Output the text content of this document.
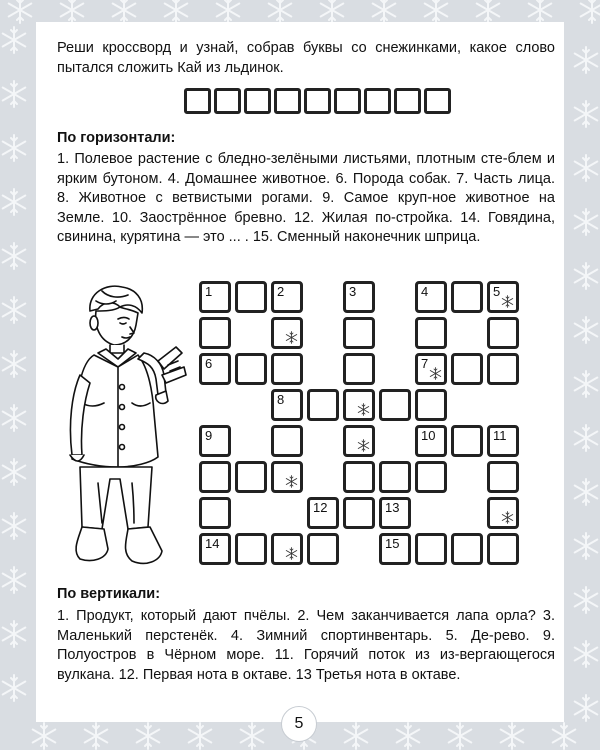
Реши кроссворд и узнай, собрав буквы со снежинками, какое слово пытался сложить Кай из льдинок.
По горизонтали:
1. Полевое растение с бледно-зелёными листьями, плотным сте-блем и ярким бутоном. 4. Домашнее животное. 6. Порода собак. 7. Часть лица. 8. Животное с ветвистыми рогами. 9. Самое круп-ное животное на Земле. 10. Заострённое бревно. 12. Жилая по-стройка. 14. Говядина, свинина, курятина — это ... . 15. Сменный наконечник шприца.
1	2	3	4	5
6	7
8
9	10	11
12	13
14	15
По вертикали:
1. Продукт, который дают пчёлы. 2. Чем заканчивается лапа орла? 3. Маленький перстенёк. 4. Зимний спортинвентарь. 5. Де-рево. 9. Полуостров в Чёрном море. 11. Горячий поток из из-вергающегося вулкана. 12. Первая нота в октаве. 13 Третья нота в октаве.
5
